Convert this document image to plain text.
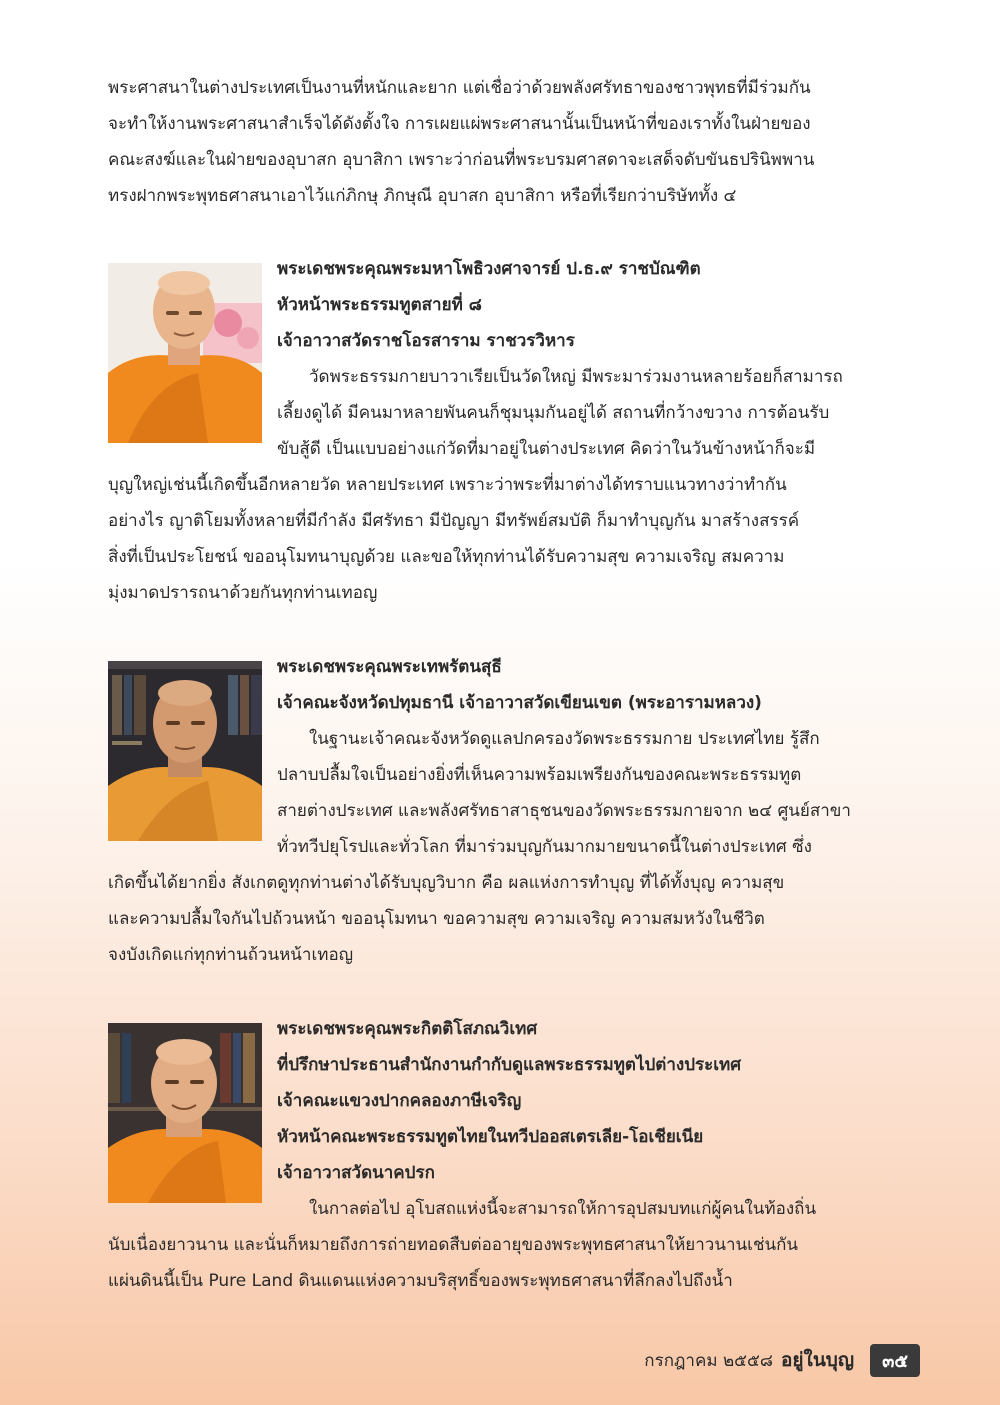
พระศาสนาในต่างประเทศเป็นงานที่หนักและยาก แต่เชื่อว่าด้วยพลังศรัทธาของชาวพุทธที่มีร่วมกัน
จะทำให้งานพระศาสนาสำเร็จได้ดังตั้งใจ การเผยแผ่พระศาสนานั้นเป็นหน้าที่ของเราทั้งในฝ่ายของ
คณะสงฆ์และในฝ่ายของอุบาสก อุบาสิกา เพราะว่าก่อนที่พระบรมศาสดาจะเสด็จดับขันธปรินิพพาน
ทรงฝากพระพุทธศาสนาเอาไว้แก่ภิกษุ ภิกษุณี อุบาสก อุบาสิกา หรือที่เรียกว่าบริษัททั้ง ๔
พระเดชพระคุณพระมหาโพธิวงศาจารย์ ป.ธ.๙ ราชบัณฑิต
หัวหน้าพระธรรมทูตสายที่ ๘
เจ้าอาวาสวัดราชโอรสาราม ราชวรวิหาร
วัดพระธรรมกายบาวาเรียเป็นวัดใหญ่ มีพระมาร่วมงานหลายร้อยก็สามารถ
เลี้ยงดูได้ มีคนมาหลายพันคนก็ชุมนุมกันอยู่ได้ สถานที่กว้างขวาง การต้อนรับ
ขับสู้ดี เป็นแบบอย่างแก่วัดที่มาอยู่ในต่างประเทศ คิดว่าในวันข้างหน้าก็จะมี
บุญใหญ่เช่นนี้เกิดขึ้นอีกหลายวัด หลายประเทศ เพราะว่าพระที่มาต่างได้ทราบแนวทางว่าทำกัน
อย่างไร ญาติโยมทั้งหลายที่มีกำลัง มีศรัทธา มีปัญญา มีทรัพย์สมบัติ ก็มาทำบุญกัน มาสร้างสรรค์
สิ่งที่เป็นประโยชน์ ขออนุโมทนาบุญด้วย และขอให้ทุกท่านได้รับความสุข ความเจริญ สมความ
มุ่งมาดปรารถนาด้วยกันทุกท่านเทอญ
พระเดชพระคุณพระเทพรัตนสุธี
เจ้าคณะจังหวัดปทุมธานี เจ้าอาวาสวัดเขียนเขต (พระอารามหลวง)
ในฐานะเจ้าคณะจังหวัดดูแลปกครองวัดพระธรรมกาย ประเทศไทย รู้สึก
ปลาบปลื้มใจเป็นอย่างยิ่งที่เห็นความพร้อมเพรียงกันของคณะพระธรรมทูต
สายต่างประเทศ และพลังศรัทธาสาธุชนของวัดพระธรรมกายจาก ๒๔ ศูนย์สาขา
ทั่วทวีปยุโรปและทั่วโลก ที่มาร่วมบุญกันมากมายขนาดนี้ในต่างประเทศ ซึ่ง
เกิดขึ้นได้ยากยิ่ง สังเกตดูทุกท่านต่างได้รับบุญวิบาก คือ ผลแห่งการทำบุญ ที่ได้ทั้งบุญ ความสุข
และความปลื้มใจกันไปถ้วนหน้า ขออนุโมทนา ขอความสุข ความเจริญ ความสมหวังในชีวิต
จงบังเกิดแก่ทุกท่านถ้วนหน้าเทอญ
พระเดชพระคุณพระกิตติโสภณวิเทศ
ที่ปรึกษาประธานสำนักงานกำกับดูแลพระธรรมทูตไปต่างประเทศ
เจ้าคณะแขวงปากคลองภาษีเจริญ
หัวหน้าคณะพระธรรมทูตไทยในทวีปออสเตรเลีย-โอเชียเนีย
เจ้าอาวาสวัดนาคปรก
ในกาลต่อไป อุโบสถแห่งนี้จะสามารถให้การอุปสมบทแก่ผู้คนในท้องถิ่น
นับเนื่องยาวนาน และนั่นก็หมายถึงการถ่ายทอดสืบต่ออายุของพระพุทธศาสนาให้ยาวนานเช่นกัน
แผ่นดินนี้เป็น Pure Land ดินแดนแห่งความบริสุทธิ์ของพระพุทธศาสนาที่ลึกลงไปถึงน้ำ
กรกฎาคม ๒๕๕๘ อยู่ในบุญ	๓๕
